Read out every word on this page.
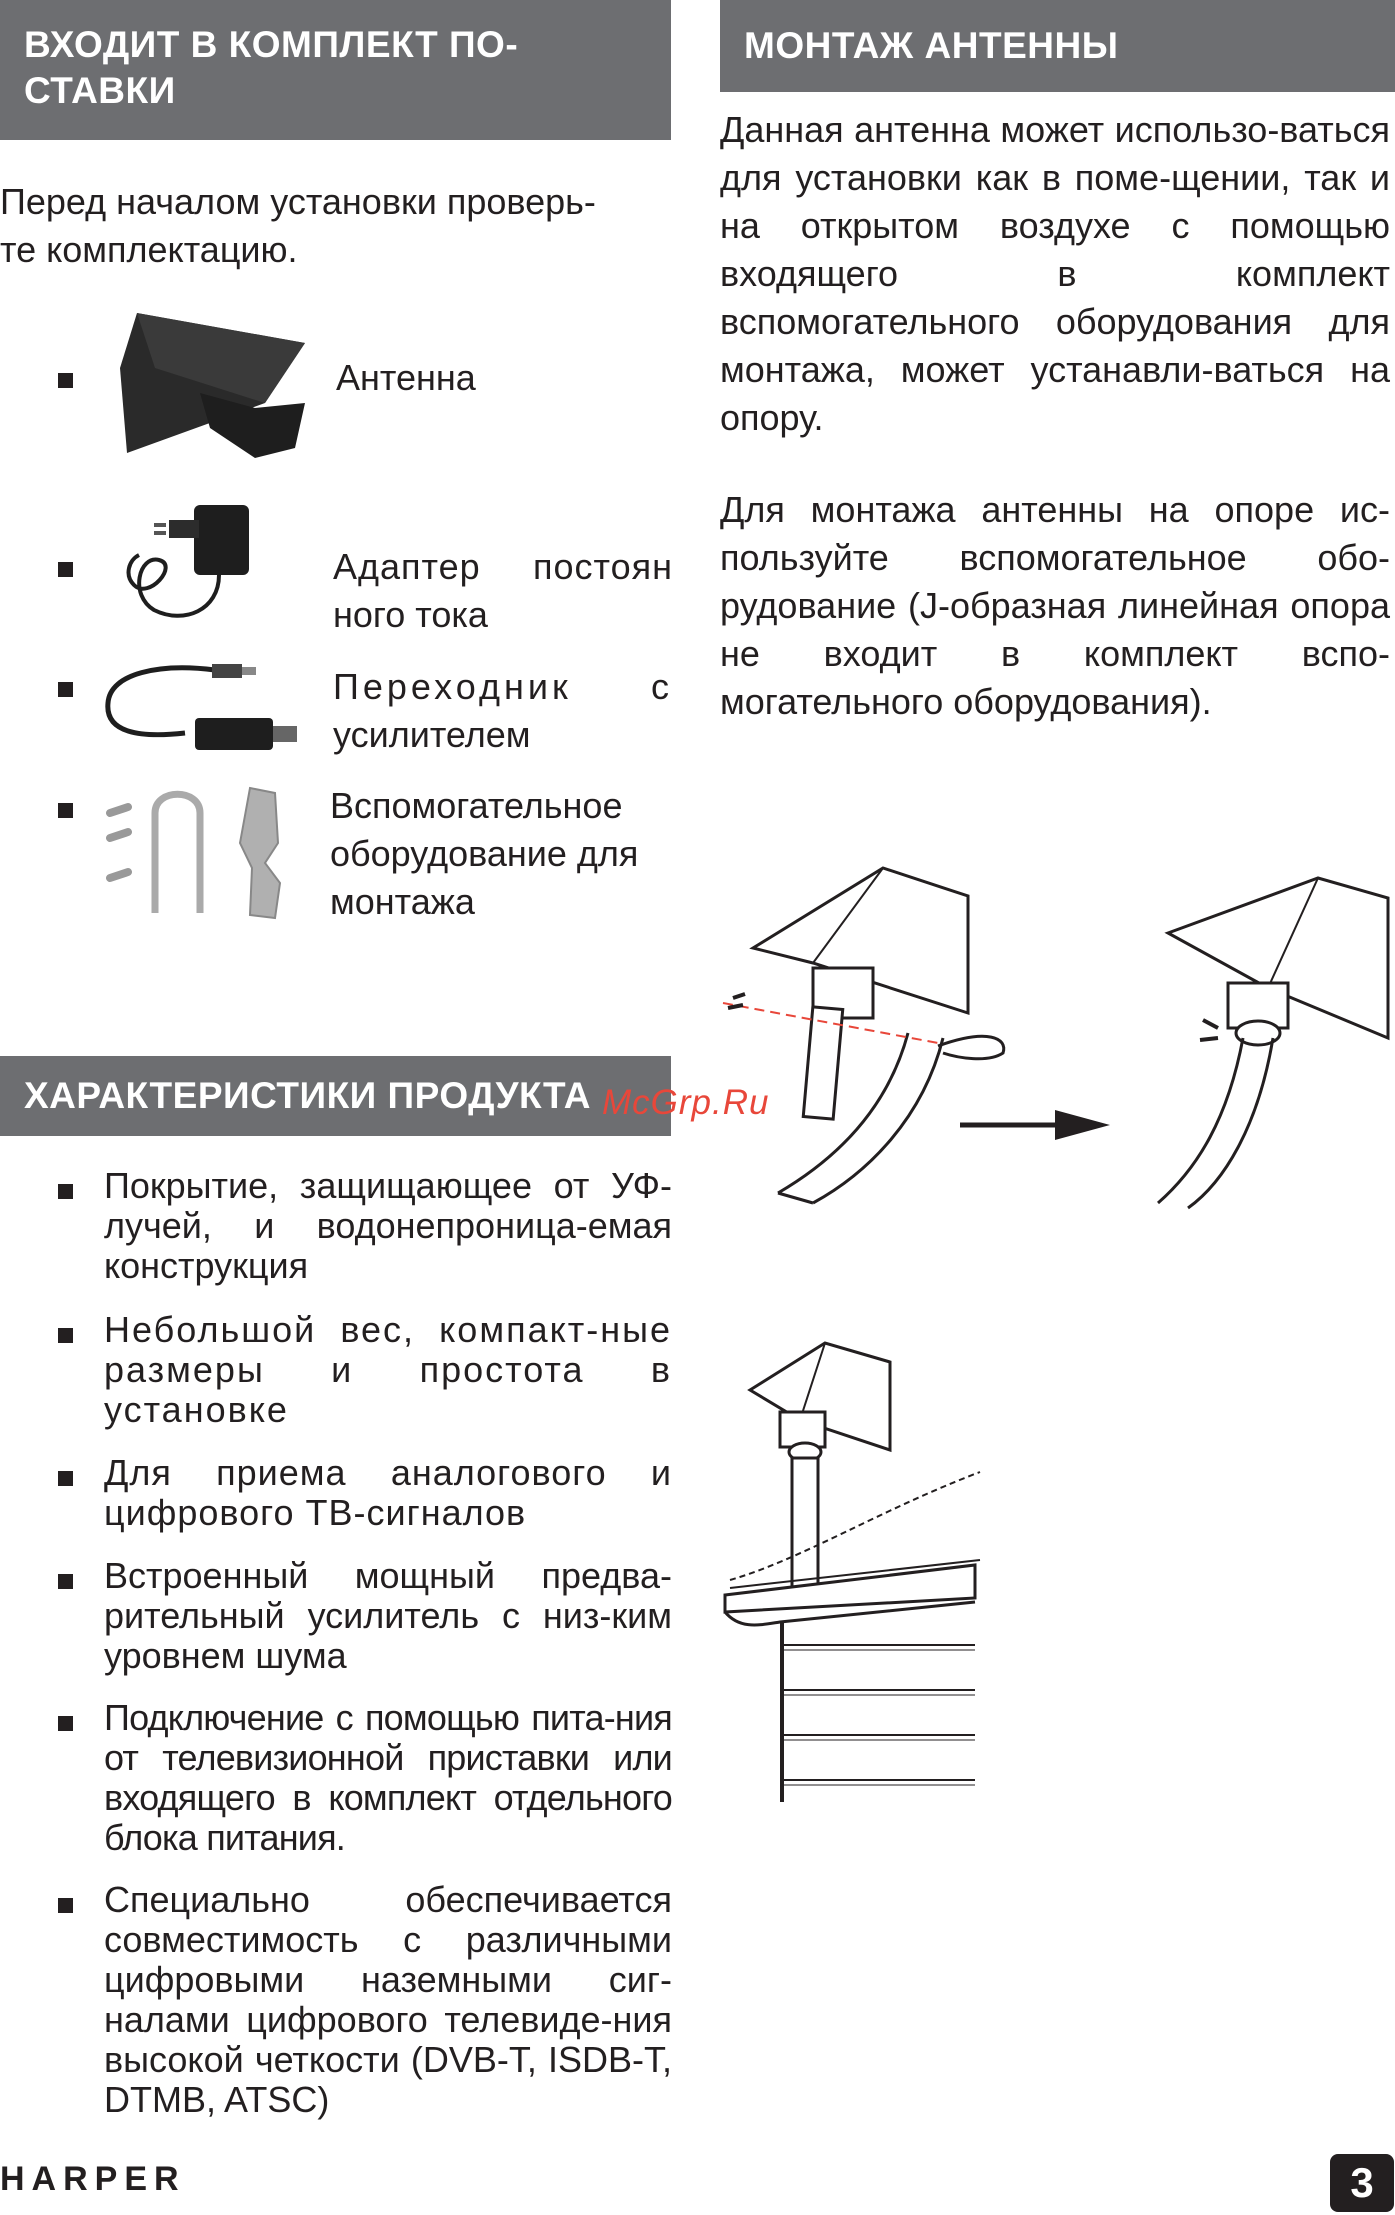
ВХОДИТ В КОМПЛЕКТ ПО-
СТАВКИ
Перед началом установки проверь-
те комплектацию.
Антенна
Адаптер постоян
ного тока
Переходник с
усилителем
Вспомогательное
оборудование для
монтажа
ХАРАКТЕРИСТИКИ ПРОДУКТА

Покрытие, защищающее от УФ-лучей, и водонепроница-емая конструкция

Небольшой вес, компакт-ные размеры и простота в установке

Для приема аналогового и цифрового ТВ-сигналов

Встроенный мощный предва-рительный усилитель с низ-ким уровнем шума

Подключение с помощью пита-ния от телевизионной приставки или входящего в комплект отдельного блока питания.

Специально обеспечивается совместимость с различными цифровыми наземными сиг-налами цифрового телевиде-ния высокой четкости (DVB-T, ISDB-T, DTMB, ATSC)

МОНТАЖ АНТЕННЫ

Данная антенна может использо-ваться для установки как в поме-щении, так и на открытом воздухе с помощью входящего в комплект вспомогательного оборудования для монтажа, может устанавли-ваться на опору.

Для монтажа антенны на опоре ис-пользуйте вспомогательное обо-рудование (J-образная линейная опора не входит в комплект вспо-могательного оборудования).

McGrp.Ru
HARPER	3
